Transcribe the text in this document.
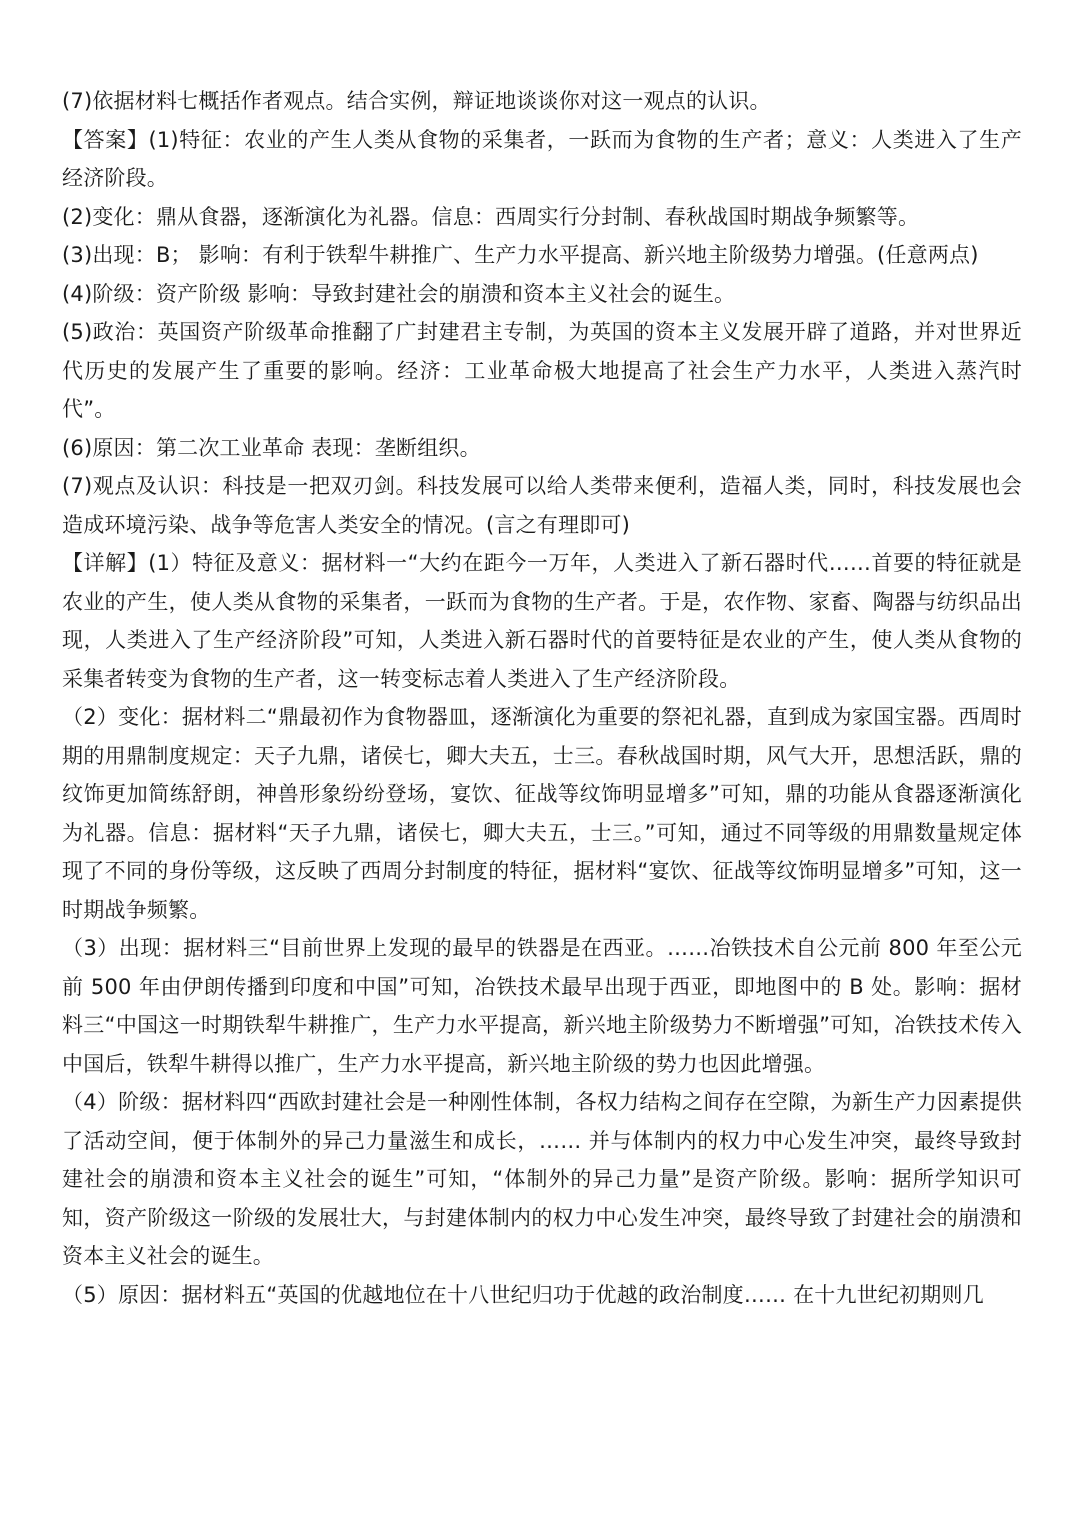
(7)依据材料七概括作者观点。结合实例，辩证地谈谈你对这一观点的认识。

【答案】(1)特征：农业的产生人类从食物的采集者，一跃而为食物的生产者；意义：人类进入了生产经济阶段。

(2)变化：鼎从食器，逐渐演化为礼器。信息：西周实行分封制、春秋战国时期战争频繁等。

(3)出现：B； 影响：有利于铁犁牛耕推广、生产力水平提高、新兴地主阶级势力增强。(任意两点)

(4)阶级：资产阶级 影响：导致封建社会的崩溃和资本主义社会的诞生。

(5)政治：英国资产阶级革命推翻了广封建君主专制，为英国的资本主义发展开辟了道路，并对世界近代历史的发展产生了重要的影响。经济：工业革命极大地提高了社会生产力水平，人类进入蒸汽时代”。

(6)原因：第二次工业革命 表现：垄断组织。

(7)观点及认识：科技是一把双刃剑。科技发展可以给人类带来便利，造福人类，同时，科技发展也会造成环境污染、战争等危害人类安全的情况。(言之有理即可)

【详解】(1）特征及意义：据材料一“大约在距今一万年，人类进入了新石器时代……首要的特征就是农业的产生，使人类从食物的采集者，一跃而为食物的生产者。于是，农作物、家畜、陶器与纺织品出现，人类进入了生产经济阶段”可知，人类进入新石器时代的首要特征是农业的产生，使人类从食物的采集者转变为食物的生产者，这一转变标志着人类进入了生产经济阶段。

（2）变化：据材料二“鼎最初作为食物器皿，逐渐演化为重要的祭祀礼器，直到成为家国宝器。西周时期的用鼎制度规定：天子九鼎，诸侯七，卿大夫五，士三。春秋战国时期，风气大开，思想活跃，鼎的纹饰更加简练舒朗，神兽形象纷纷登场，宴饮、征战等纹饰明显增多”可知，鼎的功能从食器逐渐演化为礼器。信息：据材料“天子九鼎，诸侯七，卿大夫五，士三。”可知，通过不同等级的用鼎数量规定体现了不同的身份等级，这反映了西周分封制度的特征，据材料“宴饮、征战等纹饰明显增多”可知，这一时期战争频繁。

（3）出现：据材料三“目前世界上发现的最早的铁器是在西亚。……冶铁技术自公元前 800 年至公元前 500 年由伊朗传播到印度和中国”可知，冶铁技术最早出现于西亚，即地图中的 B 处。影响：据材料三“中国这一时期铁犁牛耕推广，生产力水平提高，新兴地主阶级势力不断增强”可知，冶铁技术传入中国后，铁犁牛耕得以推广，生产力水平提高，新兴地主阶级的势力也因此增强。

（4）阶级：据材料四“西欧封建社会是一种刚性体制，各权力结构之间存在空隙，为新生产力因素提供了活动空间，便于体制外的异己力量滋生和成长，…… 并与体制内的权力中心发生冲突，最终导致封建社会的崩溃和资本主义社会的诞生”可知，“体制外的异己力量”是资产阶级。影响：据所学知识可知，资产阶级这一阶级的发展壮大，与封建体制内的权力中心发生冲突，最终导致了封建社会的崩溃和资本主义社会的诞生。

（5）原因：据材料五“英国的优越地位在十八世纪归功于优越的政治制度…… 在十九世纪初期则几
